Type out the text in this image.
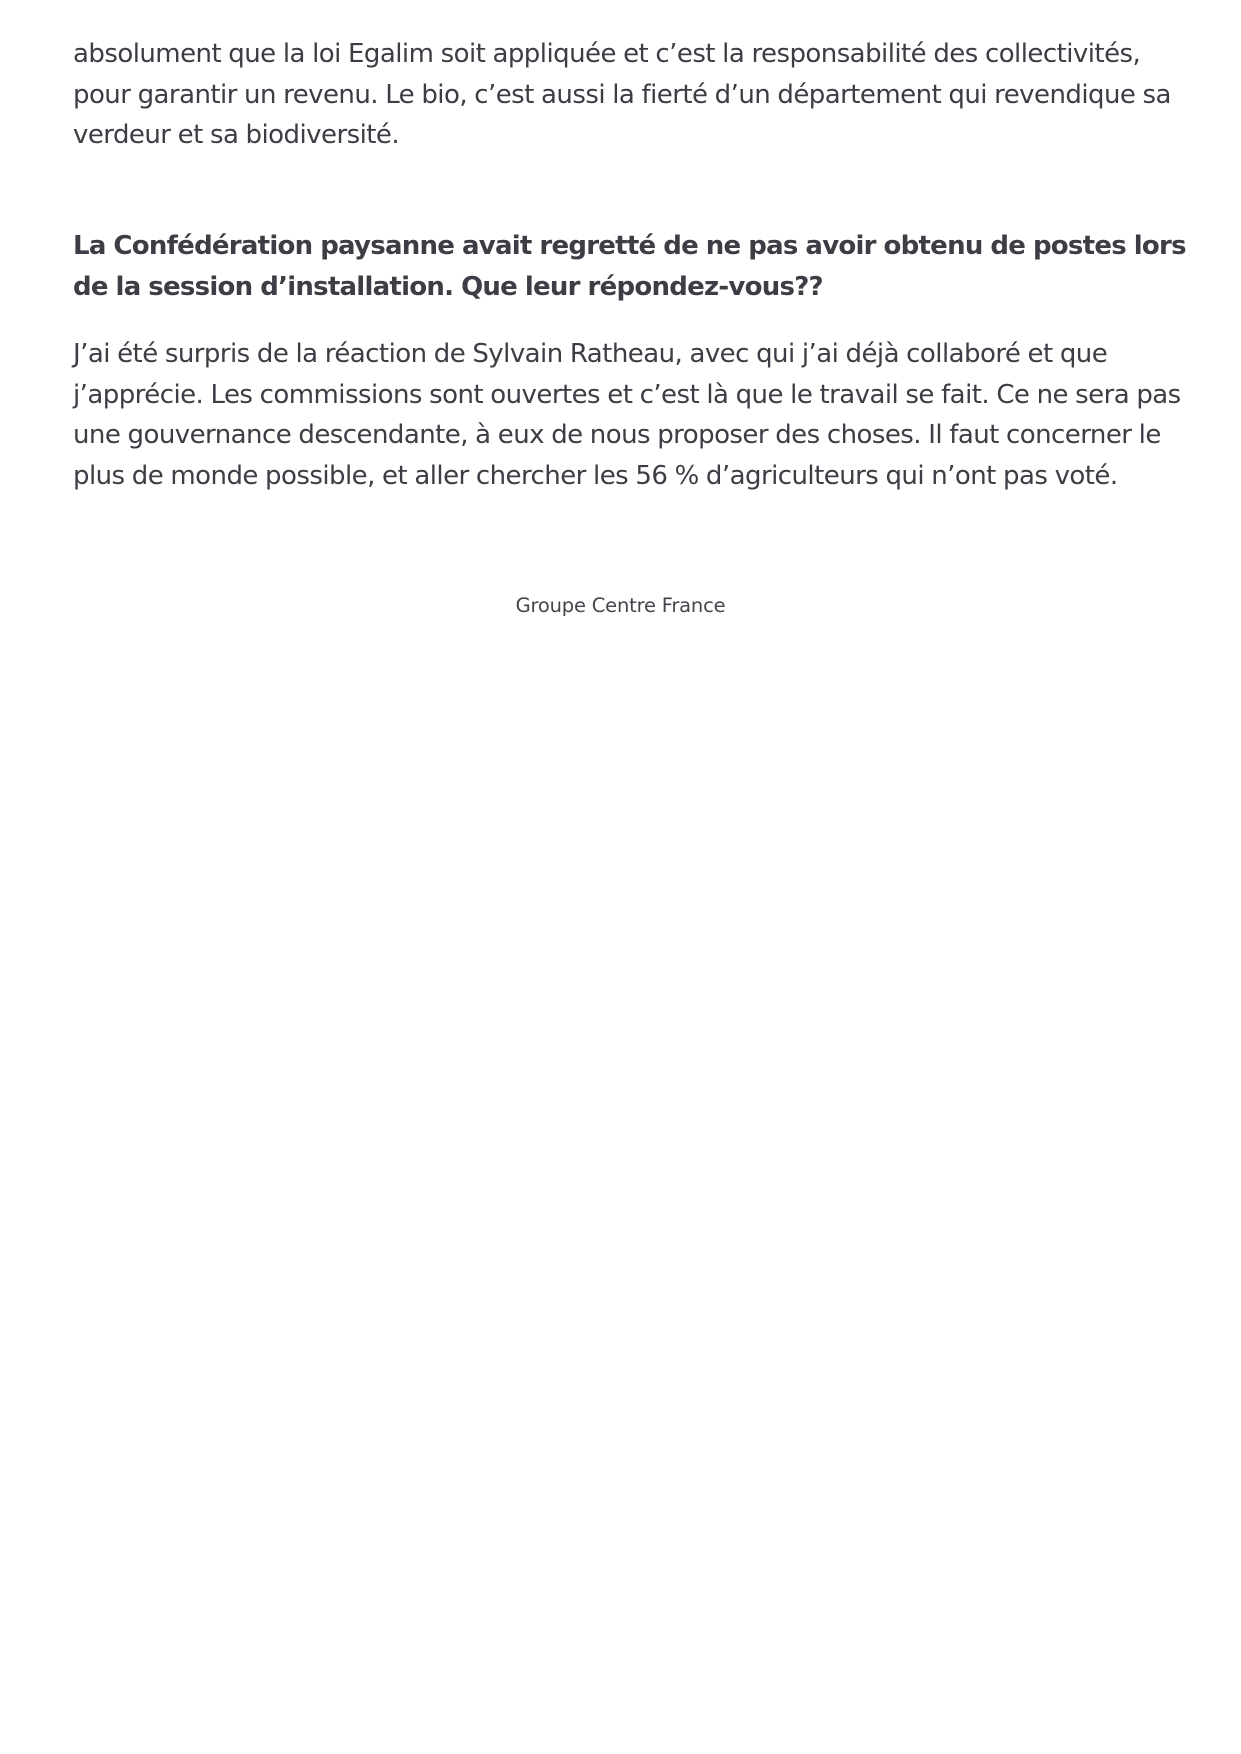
absolument que la loi Egalim soit appliquée et c’est la responsabilité des collectivités,
pour garantir un revenu. Le bio, c’est aussi la fierté d’un département qui revendique sa
verdeur et sa biodiversité.

La Confédération paysanne avait regretté de ne pas avoir obtenu de postes lors
de la session d’installation. Que leur répondez-vous??

J’ai été surpris de la réaction de Sylvain Ratheau, avec qui j’ai déjà collaboré et que
j’apprécie. Les commissions sont ouvertes et c’est là que le travail se fait. Ce ne sera pas
une gouvernance descendante, à eux de nous proposer des choses. Il faut concerner le
plus de monde possible, et aller chercher les 56 % d’agriculteurs qui n’ont pas voté.

Groupe Centre France
